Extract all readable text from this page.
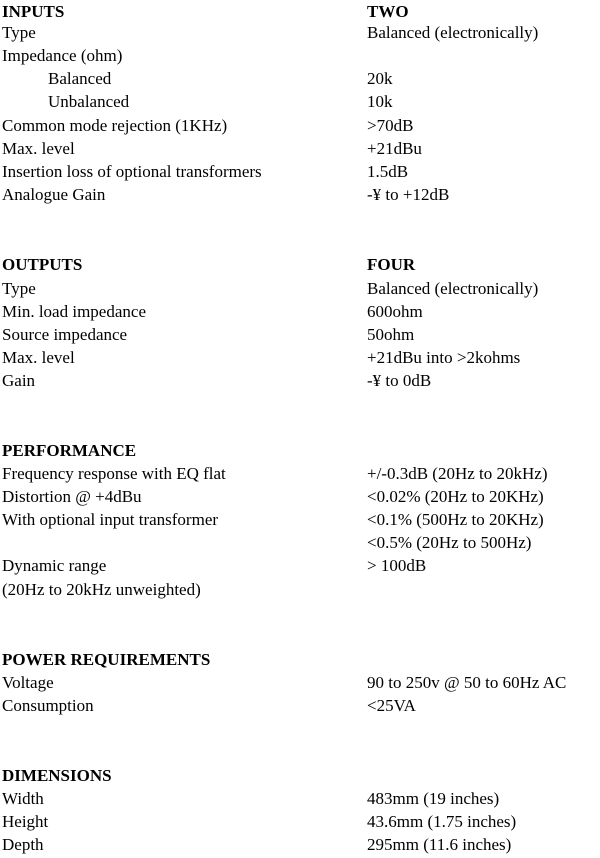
INPUTS	TWO
Type	Balanced (electronically)
Impedance (ohm)
Balanced	20k
Unbalanced	10k
Common mode rejection (1KHz)	>70dB
Max. level	+21dBu
Insertion loss of optional transformers	1.5dB
Analogue Gain	-¥ to +12dB
OUTPUTS	FOUR
Type	Balanced (electronically)
Min. load impedance	600ohm
Source impedance	50ohm
Max. level	+21dBu into >2kohms
Gain	-¥ to 0dB
PERFORMANCE
Frequency response with EQ flat	+/-0.3dB (20Hz to 20kHz)
Distortion @ +4dBu	<0.02% (20Hz to 20KHz)
With optional input transformer	<0.1% (500Hz to 20KHz)
<0.5% (20Hz to 500Hz)
Dynamic range	> 100dB
(20Hz to 20kHz unweighted)
POWER REQUIREMENTS
Voltage	90 to 250v @ 50 to 60Hz AC
Consumption	<25VA
DIMENSIONS
Width	483mm (19 inches)
Height	43.6mm (1.75 inches)
Depth	295mm (11.6 inches)
